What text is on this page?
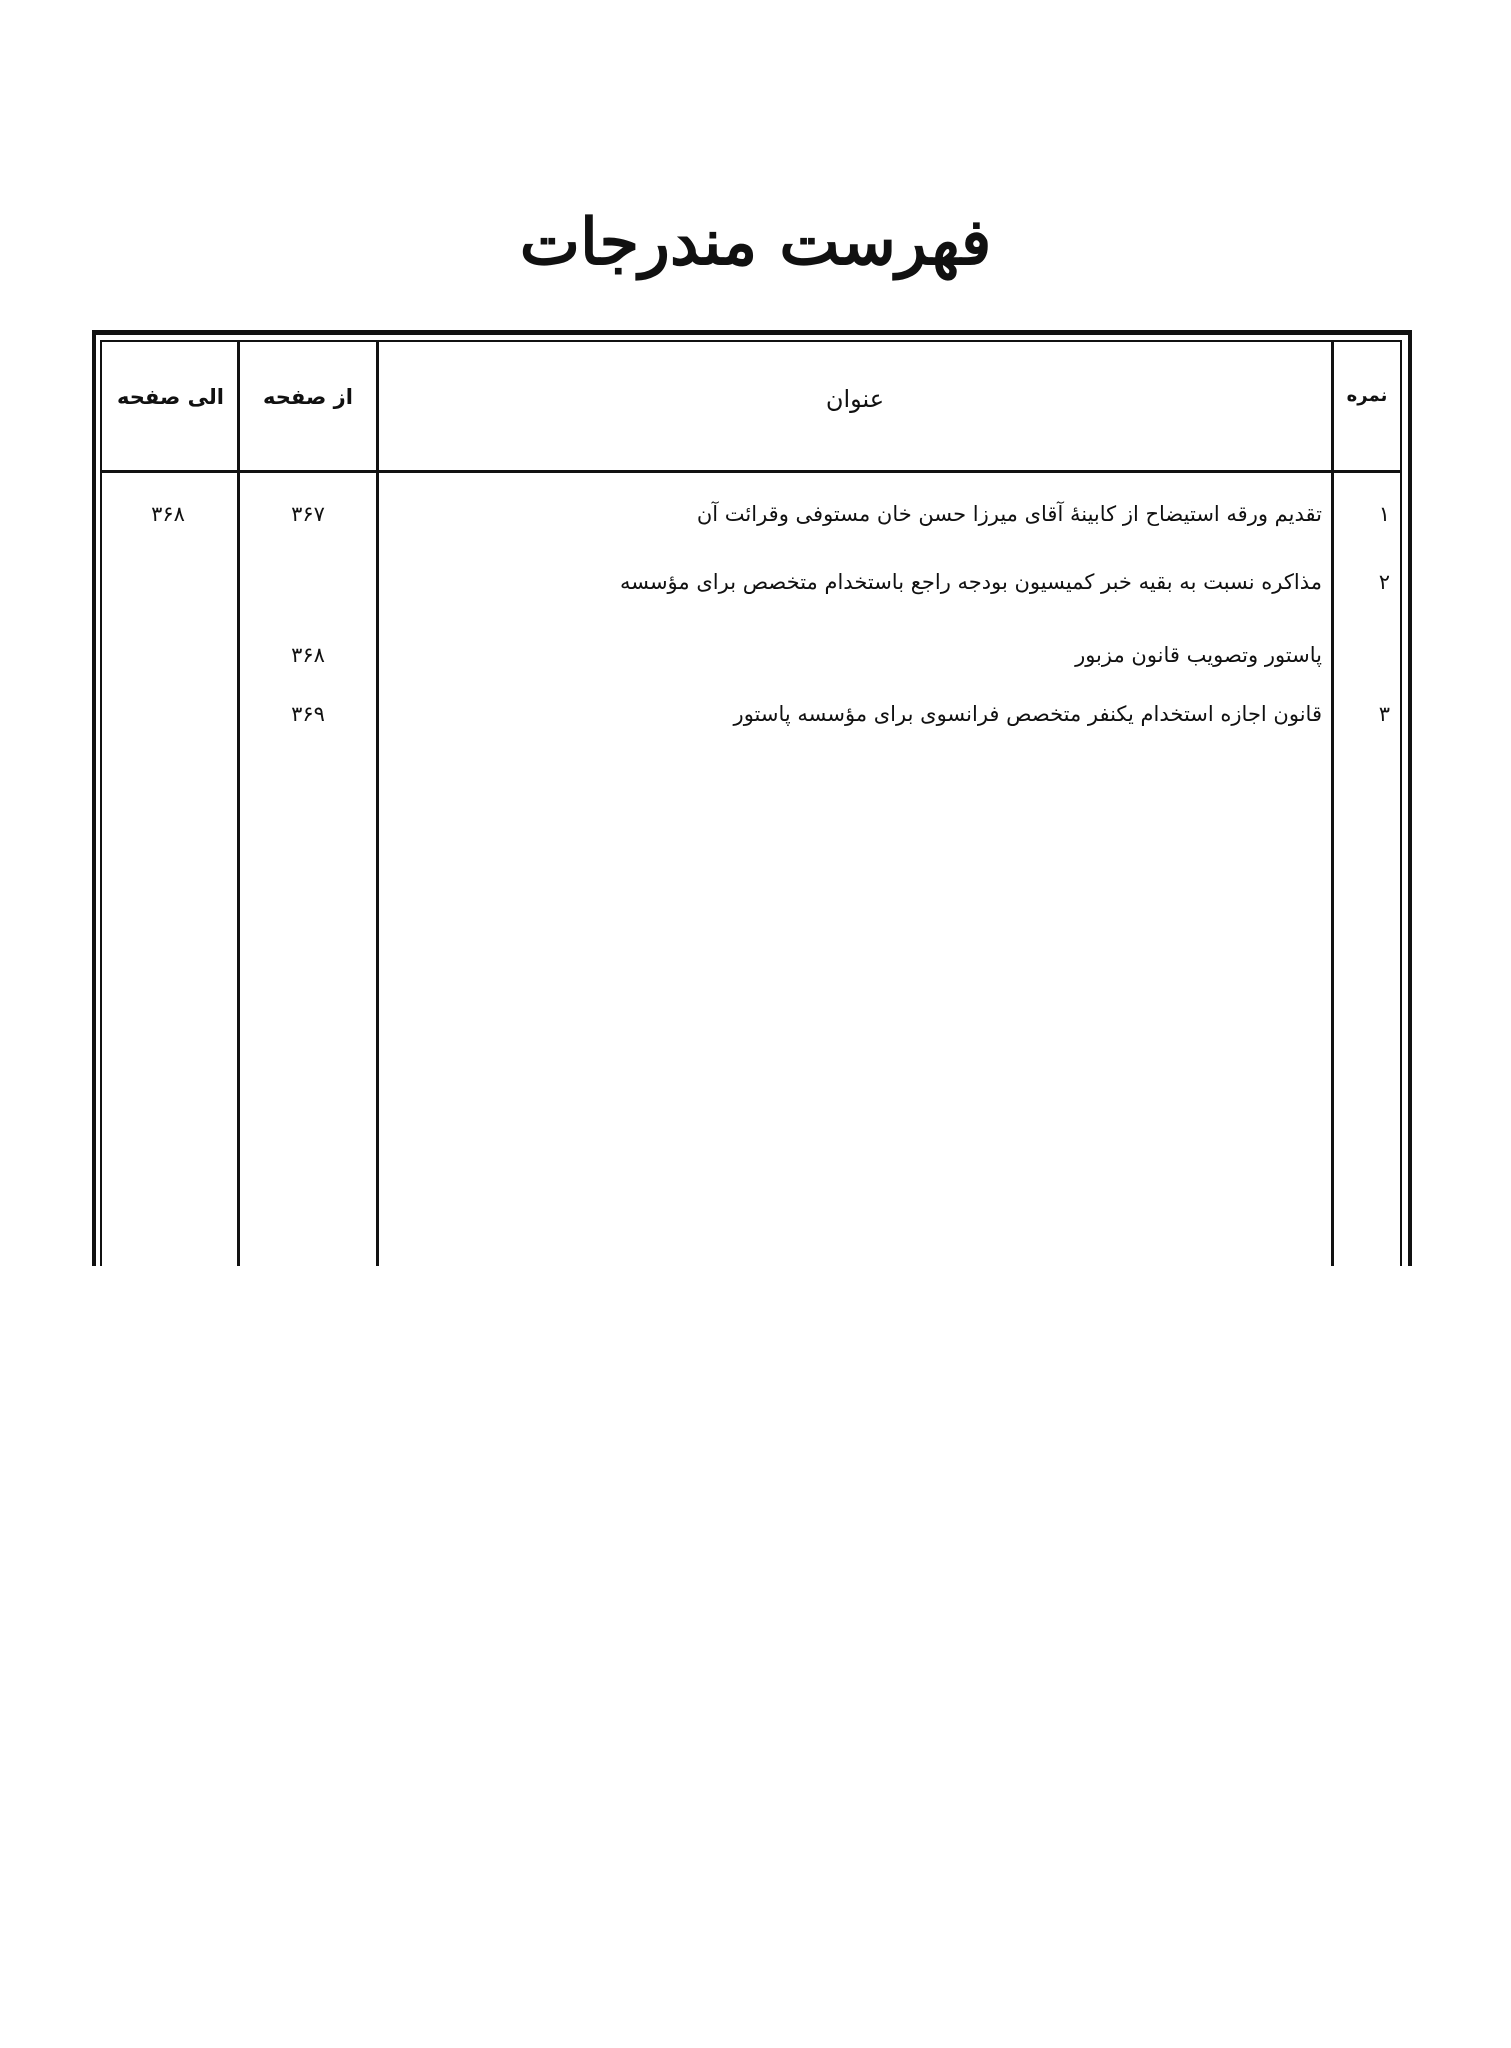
فهرست مندرجات
الی صفحه	از صفحه	عنوان	نمره
۱
تقدیم ورقه استیضاح از کابینهٔ آقای میرزا حسن خان مستوفی وقرائت آن
۳۶۷
۳۶۸
۲
مذاکره نسبت به بقیه خبر کمیسیون بودجه راجع باستخدام متخصص برای مؤسسه
پاستور وتصویب قانون مزبور
۳۶۸
۳
قانون اجازه استخدام یکنفر متخصص فرانسوی برای مؤسسه پاستور
۳۶۹
